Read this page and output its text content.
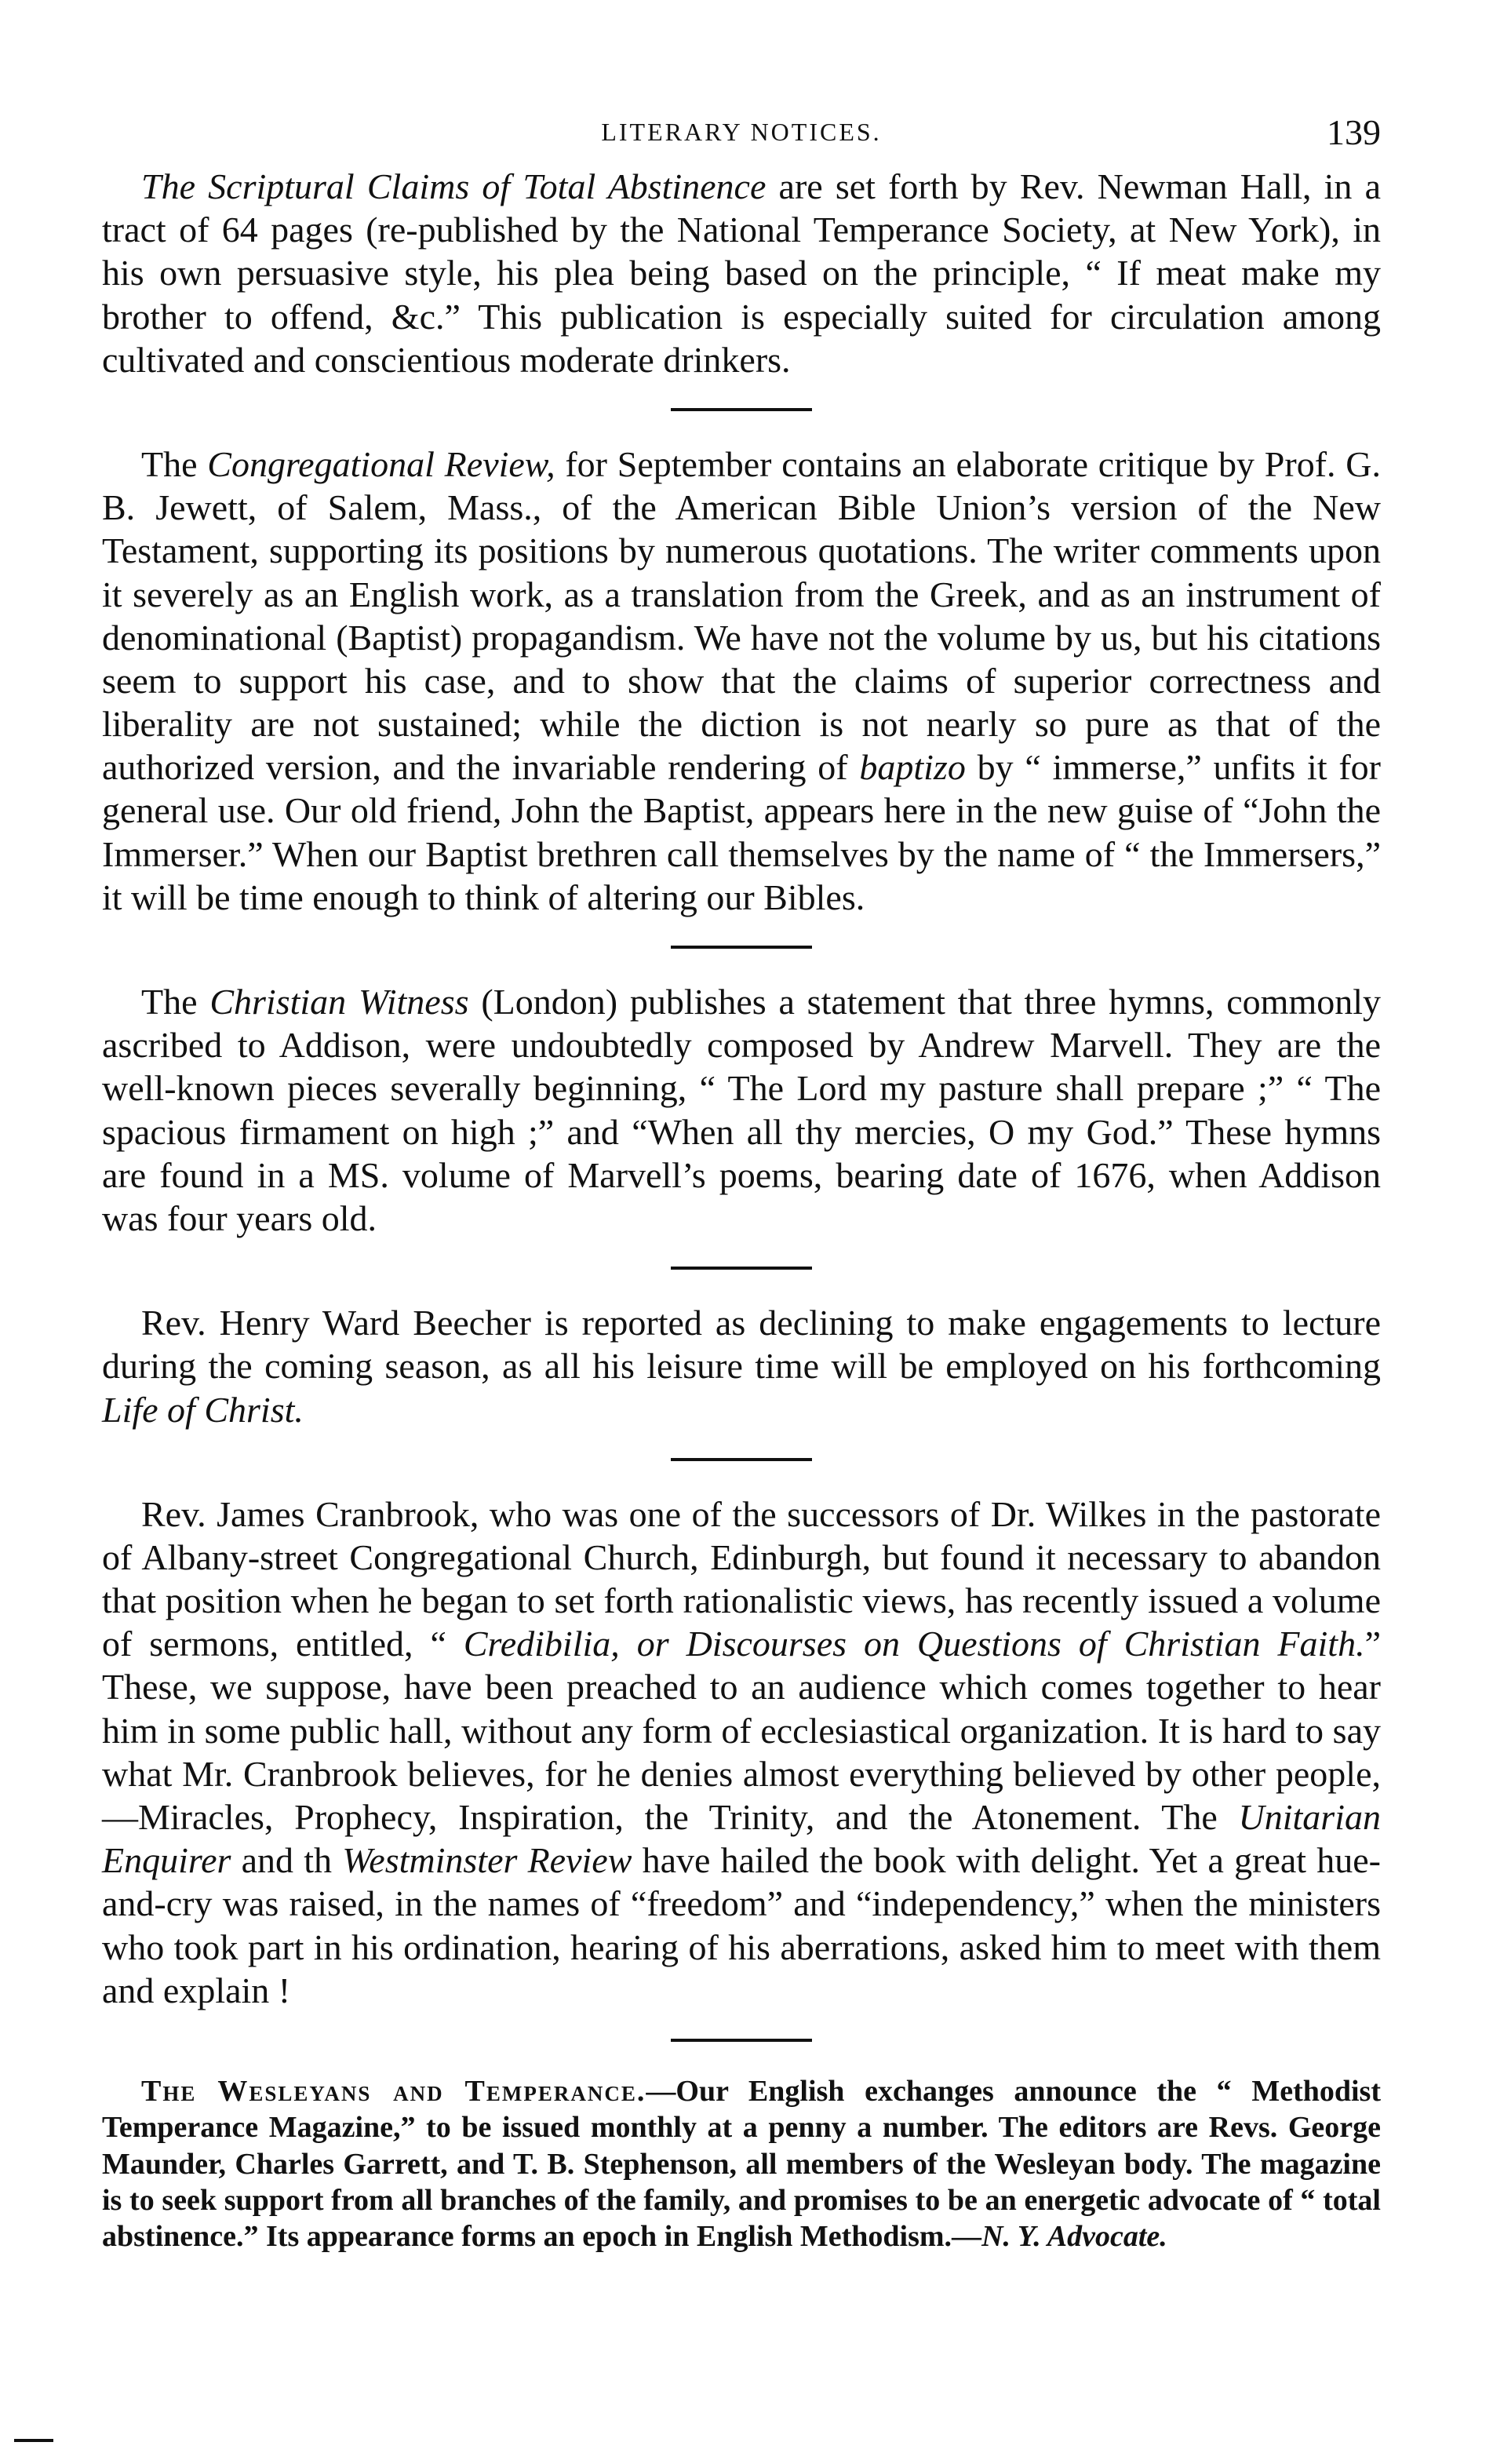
LITERARY NOTICES.	139

The Scriptural Claims of Total Abstinence are set forth by Rev. Newman Hall, in a tract of 64 pages (re-published by the National Temperance Society, at New York), in his own persuasive style, his plea being based on the principle, “ If meat make my brother to offend, &c.” This publication is especially suited for circulation among cultivated and conscientious moderate drinkers.

The Congregational Review, for September contains an elaborate critique by Prof. G. B. Jewett, of Salem, Mass., of the American Bible Union’s version of the New Testament, supporting its positions by numerous quotations. The writer comments upon it severely as an English work, as a translation from the Greek, and as an instrument of denominational (Baptist) propagandism. We have not the volume by us, but his citations seem to support his case, and to show that the claims of superior correctness and liberality are not sustained; while the diction is not nearly so pure as that of the authorized version, and the invariable rendering of baptizo by “ immerse,” unfits it for general use. Our old friend, John the Baptist, appears here in the new guise of “John the Immerser.” When our Baptist brethren call themselves by the name of “ the Immersers,” it will be time enough to think of altering our Bibles.

The Christian Witness (London) publishes a statement that three hymns, commonly ascribed to Addison, were undoubtedly composed by Andrew Marvell. They are the well-known pieces severally beginning, “ The Lord my pasture shall prepare ;” “ The spacious firmament on high ;” and “When all thy mercies, O my God.” These hymns are found in a MS. volume of Marvell’s poems, bearing date of 1676, when Addison was four years old.

Rev. Henry Ward Beecher is reported as declining to make engagements to lecture during the coming season, as all his leisure time will be employed on his forthcoming Life of Christ.

Rev. James Cranbrook, who was one of the successors of Dr. Wilkes in the pastorate of Albany-street Congregational Church, Edinburgh, but found it necessary to abandon that position when he began to set forth rationalistic views, has recently issued a volume of sermons, entitled, “ Credibilia, or Discourses on Questions of Christian Faith.” These, we suppose, have been preached to an audience which comes together to hear him in some public hall, without any form of ecclesiastical organization. It is hard to say what Mr. Cranbrook believes, for he denies almost everything believed by other people,—Miracles, Prophecy, Inspiration, the Trinity, and the Atonement. The Unitarian Enquirer and th Westminster Review have hailed the book with delight. Yet a great hue-and-cry was raised, in the names of “freedom” and “independency,” when the ministers who took part in his ordination, hearing of his aberrations, asked him to meet with them and explain !

The Wesleyans and Temperance.—Our English exchanges announce the “ Methodist Temperance Magazine,” to be issued monthly at a penny a number. The editors are Revs. George Maunder, Charles Garrett, and T. B. Stephenson, all members of the Wesleyan body. The magazine is to seek support from all branches of the family, and promises to be an energetic advocate of “ total abstinence.” Its appearance forms an epoch in English Methodism.—N. Y. Advocate.
